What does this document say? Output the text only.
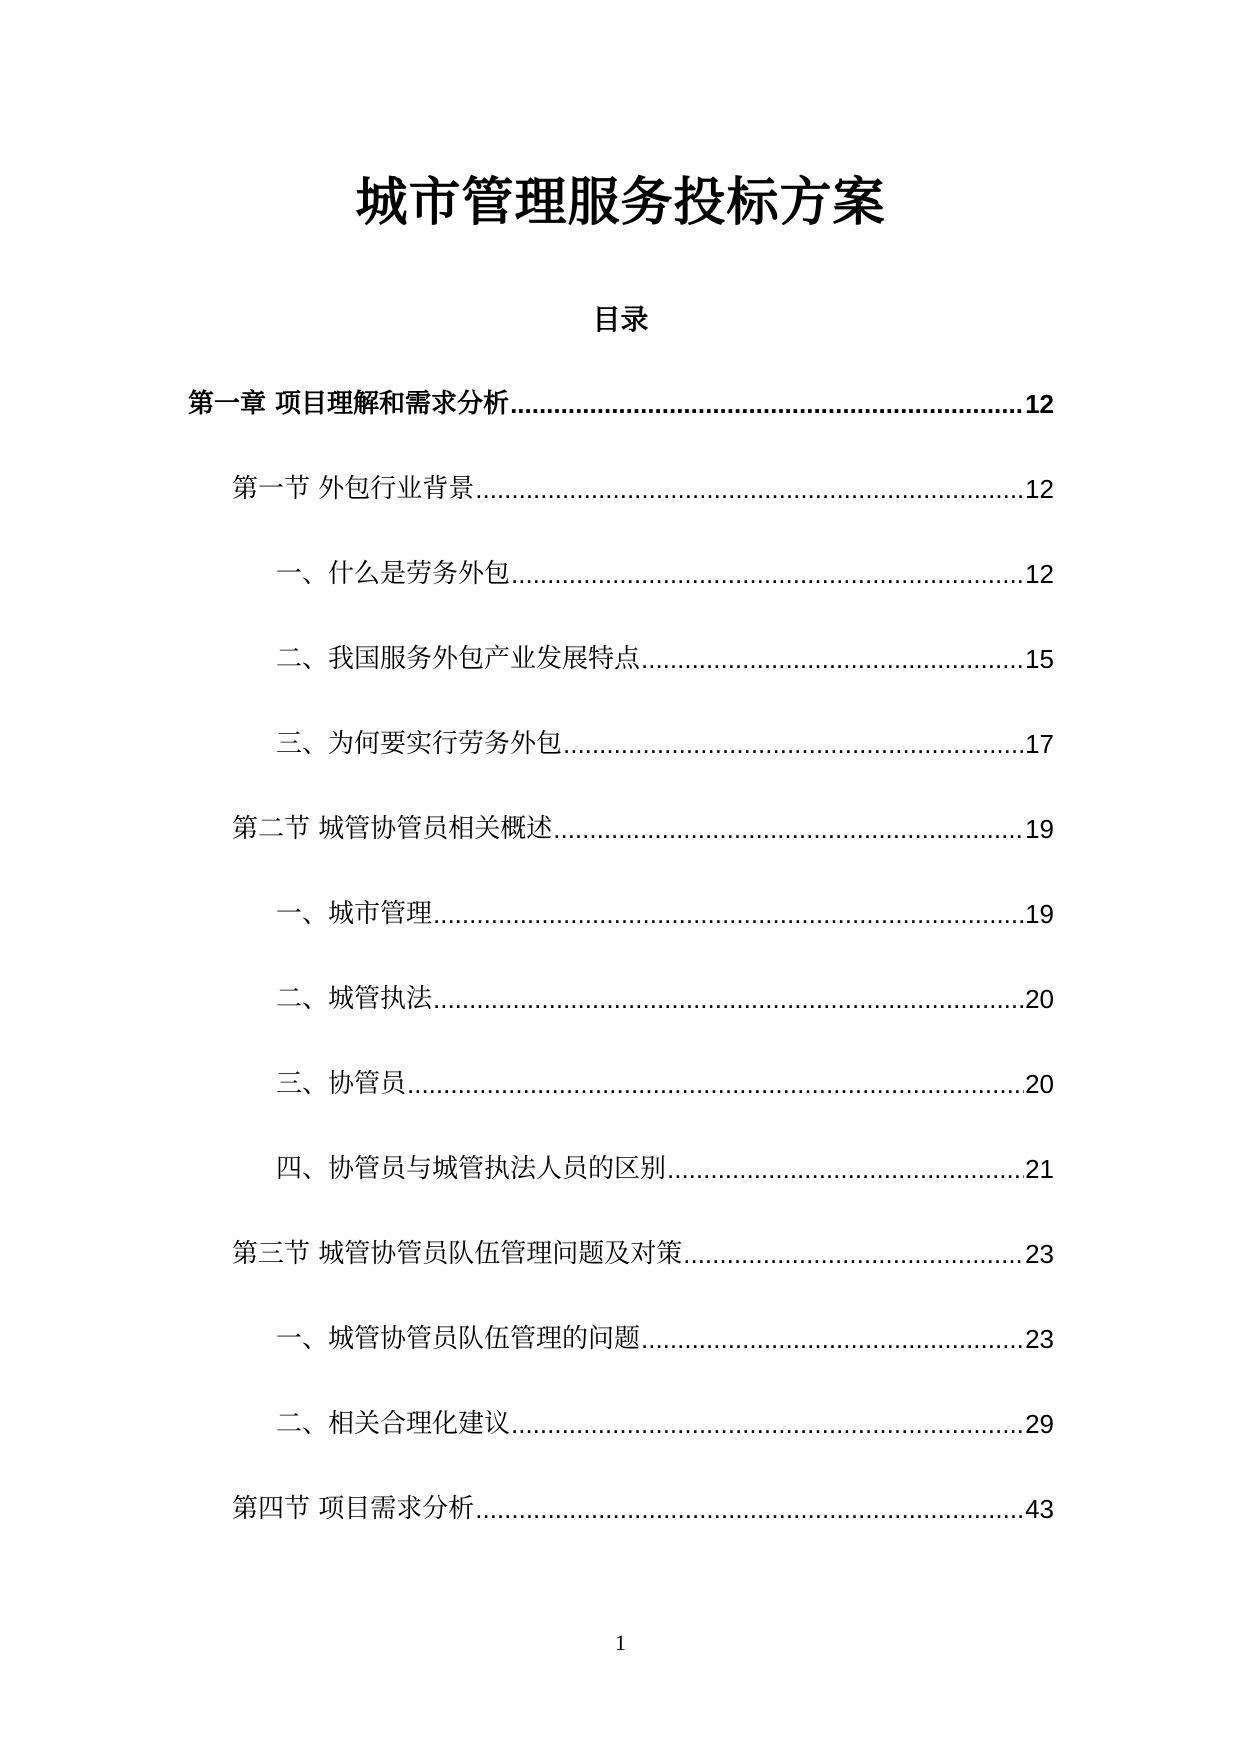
城市管理服务投标方案
目录
第一章 项目理解和需求分析 .....	12
第一节 外包行业背景 .....	12
一、什么是劳务外包 .....	12
二、我国服务外包产业发展特点 .....	15
三、为何要实行劳务外包 .....	17
第二节 城管协管员相关概述 .....	19
一、城市管理 .....	19
二、城管执法 .....	20
三、协管员 .....	20
四、协管员与城管执法人员的区别 .....	21
第三节 城管协管员队伍管理问题及对策 .....	23
一、城管协管员队伍管理的问题 .....	23
二、相关合理化建议 .....	29
第四节 项目需求分析 .....	43
1
